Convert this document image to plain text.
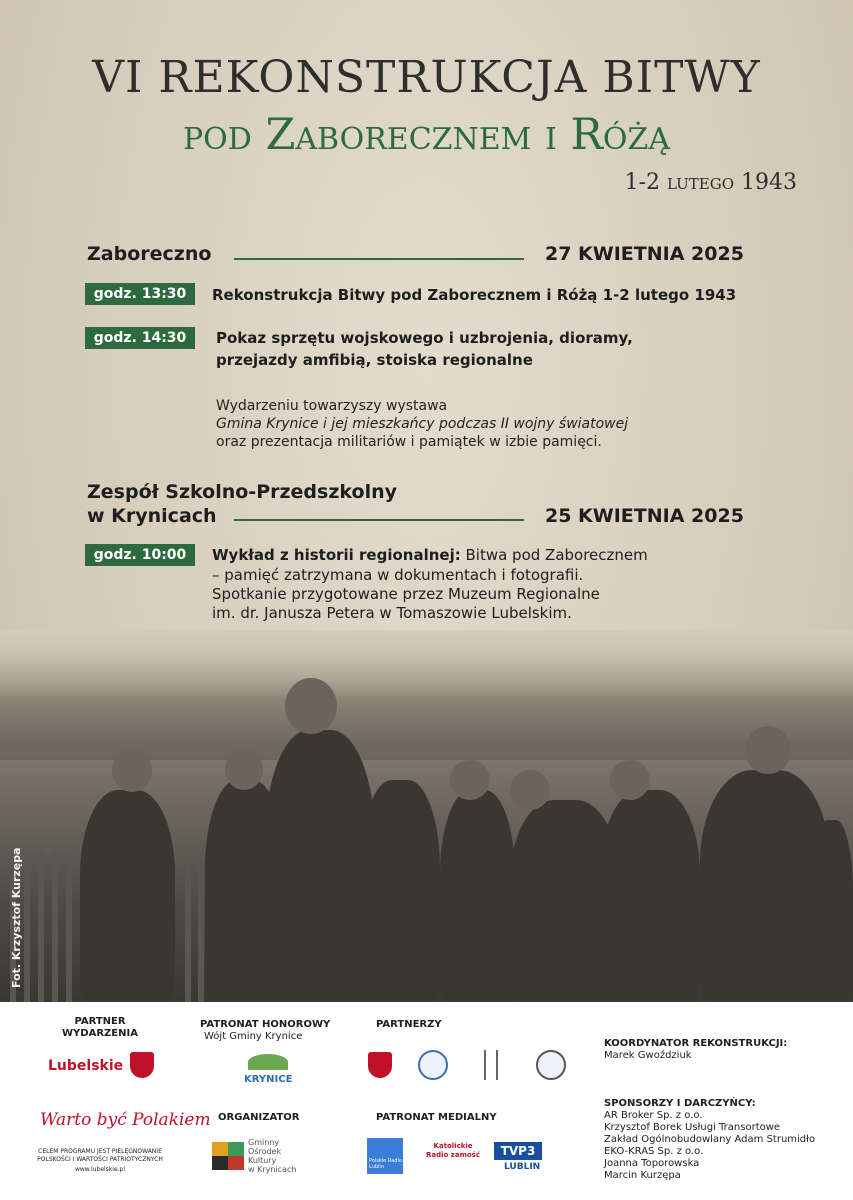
VI REKONSTRUKCJA BITWY
pod Zaborecznem i Różą
1-2 lutego 1943
Zaboreczno	27 KWIETNIA 2025
godz. 13:30	Rekonstrukcja Bitwy pod Zaborecznem i Różą 1-2 lutego 1943
godz. 14:30	Pokaz sprzętu wojskowego i uzbrojenia, dioramy,
przejazdy amfibią, stoiska regionalne
Wydarzeniu towarzyszy wystawa
Gmina Krynice i jej mieszkańcy podczas II wojny światowej
oraz prezentacja militariów i pamiątek w izbie pamięci.
Zespół Szkolno-Przedszkolny
w Krynicach	25 KWIETNIA 2025
godz. 10:00	Wykład z historii regionalnej: Bitwa pod Zaborecznem
– pamięć zatrzymana w dokumentach i fotografii.
Spotkanie przygotowane przez Muzeum Regionalne
im. dr. Janusza Petera w Tomaszowie Lubelskim.
Fot. Krzysztof Kurzępa
PARTNER
WYDARZENIA
Lubelskie
Warto być Polakiem
CELEM PROGRAMU JEST PIELĘGNOWANIE
POLSKOŚCI I WARTOŚCI PATRIOTYCZNYCH
www.lubelskie.pl
PATRONAT HONOROWY
Wójt Gminy Krynice
KRYNICE
ORGANIZATOR
Gminny
Ośrodek
Kultury
w Krynicach
PARTNERZY
PATRONAT MEDIALNY
Polskie Radio Lublin
Katolickie Radio zamość	TVP3
LUBLIN
KOORDYNATOR REKONSTRUKCJI:
Marek Gwoździuk
SPONSORZY I DARCZYŃCY:
AR Broker Sp. z o.o.
Krzysztof Borek Usługi Transortowe
Zakład Ogólnobudowlany Adam Strumidło
EKO-KRAS Sp. z o.o.
Joanna Toporowska
Marcin Kurzępa
